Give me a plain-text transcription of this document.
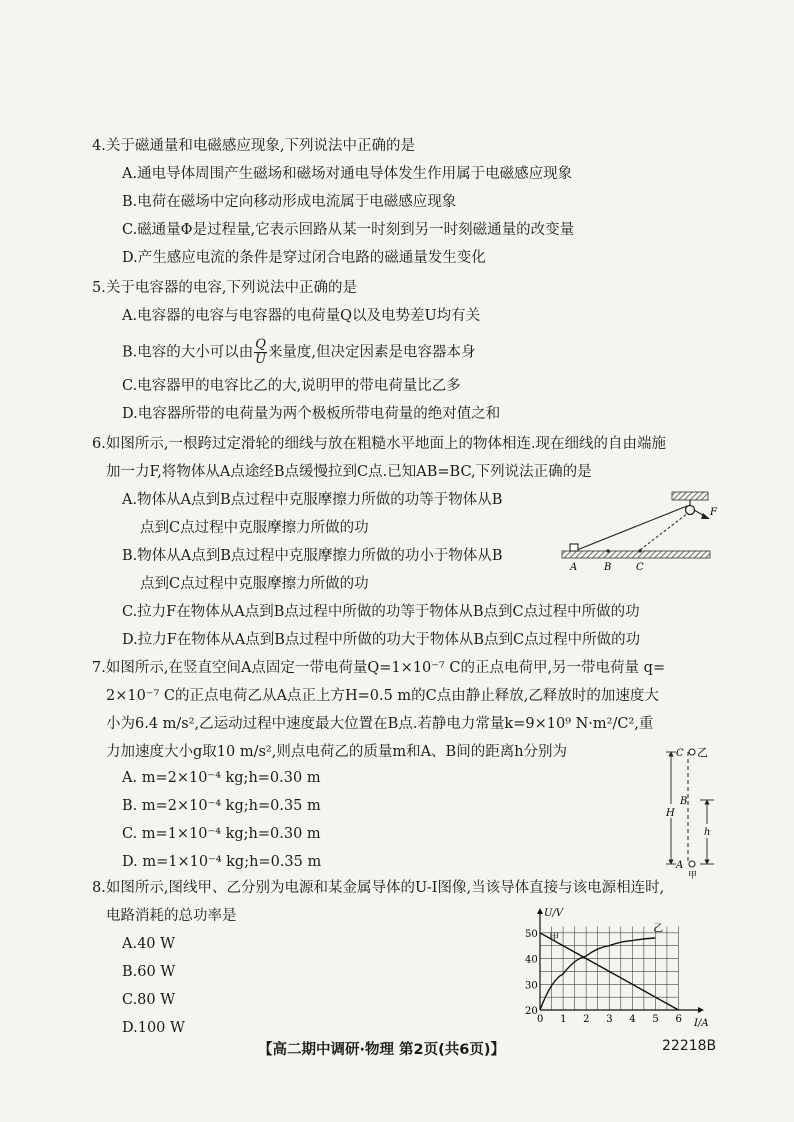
4.关于磁通量和电磁感应现象,下列说法中正确的是
A.通电导体周围产生磁场和磁场对通电导体发生作用属于电磁感应现象
B.电荷在磁场中定向移动形成电流属于电磁感应现象
C.磁通量Φ是过程量,它表示回路从某一时刻到另一时刻磁通量的改变量
D.产生感应电流的条件是穿过闭合电路的磁通量发生变化
5.关于电容器的电容,下列说法中正确的是
A.电容器的电容与电容器的电荷量Q以及电势差U均有关
B.电容的大小可以由 $\frac{Q}{U}$ 来量度,但决定因素是电容器本身
C.电容器甲的电容比乙的大,说明甲的带电荷量比乙多
D.电容器所带的电荷量为两个极板所带电荷量的绝对值之和
6.如图所示,一根跨过定滑轮的细线与放在粗糙水平地面上的物体相连.现在细线的自由端施
加一力F,将物体从A点途经B点缓慢拉到C点.已知AB=BC,下列说法正确的是
A.物体从A点到B点过程中克服摩擦力所做的功等于物体从B
点到C点过程中克服摩擦力所做的功
B.物体从A点到B点过程中克服摩擦力所做的功小于物体从B
点到C点过程中克服摩擦力所做的功
C.拉力F在物体从A点到B点过程中所做的功等于物体从B点到C点过程中所做的功
D.拉力F在物体从A点到B点过程中所做的功大于物体从B点到C点过程中所做的功
F
A	B C
7.如图所示,在竖直空间A点固定一带电荷量Q=1×10⁻⁷ C的正点电荷甲,另一带电荷量 q=
2×10⁻⁷ C的正点电荷乙从A点正上方H=0.5 m的C点由静止释放,乙释放时的加速度大
小为6.4 m/s²,乙运动过程中速度最大位置在B点.若静电力常量k=9×10⁹ N·m²/C²,重
力加速度大小g取10 m/s²,则点电荷乙的质量m和A、B间的距离h分别为
A. m=2×10⁻⁴ kg;h=0.30 m
B. m=2×10⁻⁴ kg;h=0.35 m
C. m=1×10⁻⁴ kg;h=0.30 m
D. m=1×10⁻⁴ kg;h=0.35 m
C 乙
B
A
甲
H
h
8.如图所示,图线甲、乙分别为电源和某金属导体的U-I图像,当该导体直接与该电源相连时,
电路消耗的总功率是
A.40 W
B.60 W
C.80 W
D.100 W
0 1 2 3 4 5 6
20
30
40
50
U/V
I/A
甲
乙
【高二期中调研·物理 第2页(共6页)】	22218B
